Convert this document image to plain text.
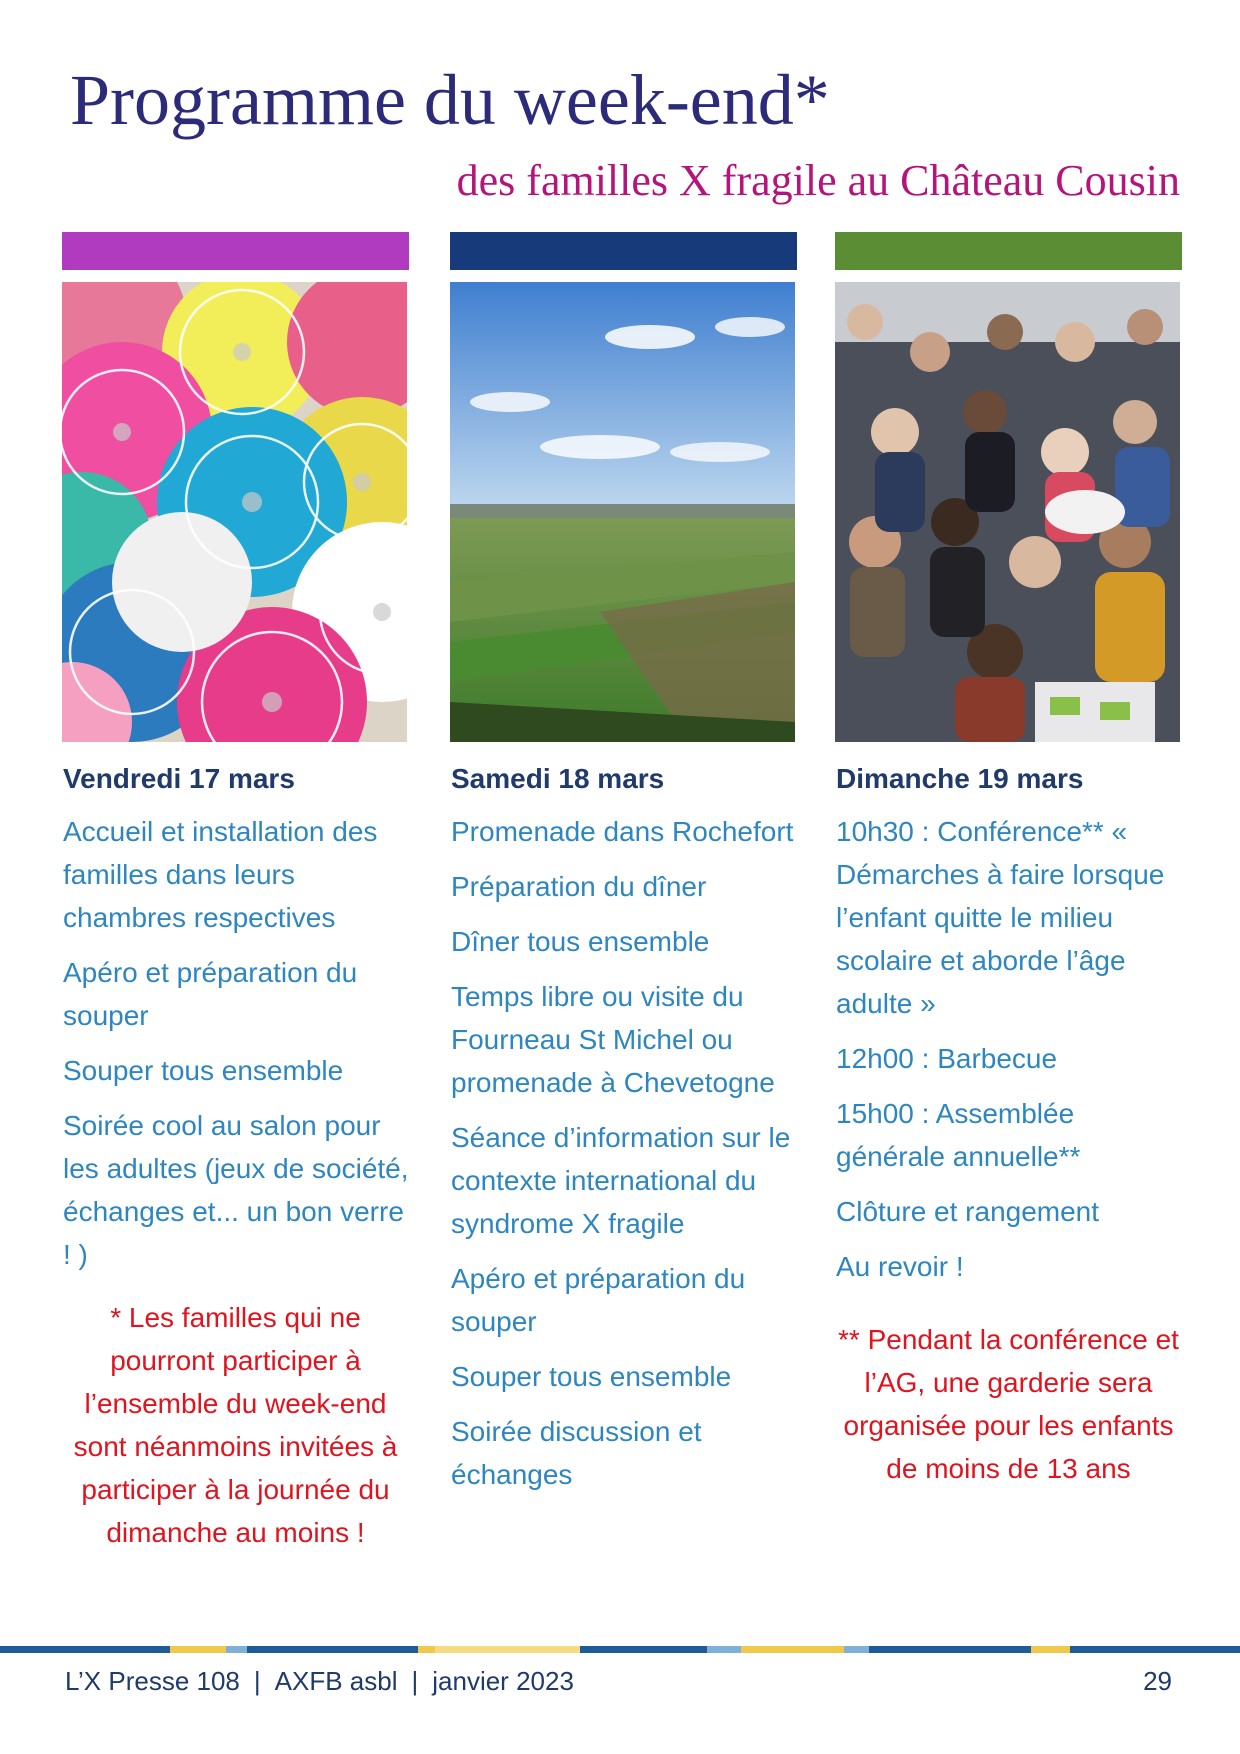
Programme du week-end*
des familles X fragile au Château Cousin
Vendredi 17 mars
Accueil et installation des familles dans leurs chambres respectives
Apéro et préparation du souper
Souper tous ensemble
Soirée cool au salon pour les adultes (jeux de société, échanges et... un bon verre ! )
* Les familles qui ne pourront participer à l’ensemble du week-end sont néanmoins invitées à participer à la journée du dimanche au moins !
Samedi 18 mars
Promenade dans Rochefort
Préparation du dîner
Dîner tous ensemble
Temps libre ou visite du Fourneau St Michel ou promenade à Chevetogne
Séance d’information sur le contexte international du syndrome X fragile
Apéro et préparation du souper
Souper tous ensemble
Soirée discussion et échanges
Dimanche 19 mars
10h30 : Conférence** « Démarches à faire lorsque l’enfant quitte le milieu scolaire et aborde l’âge adulte »
12h00 : Barbecue
15h00 : Assemblée générale annuelle**
Clôture et rangement
Au revoir !
** Pendant la conférence et l’AG, une garderie sera organisée pour les enfants de moins de 13 ans
L’X Presse 108 | AXFB asbl | janvier 2023	29
